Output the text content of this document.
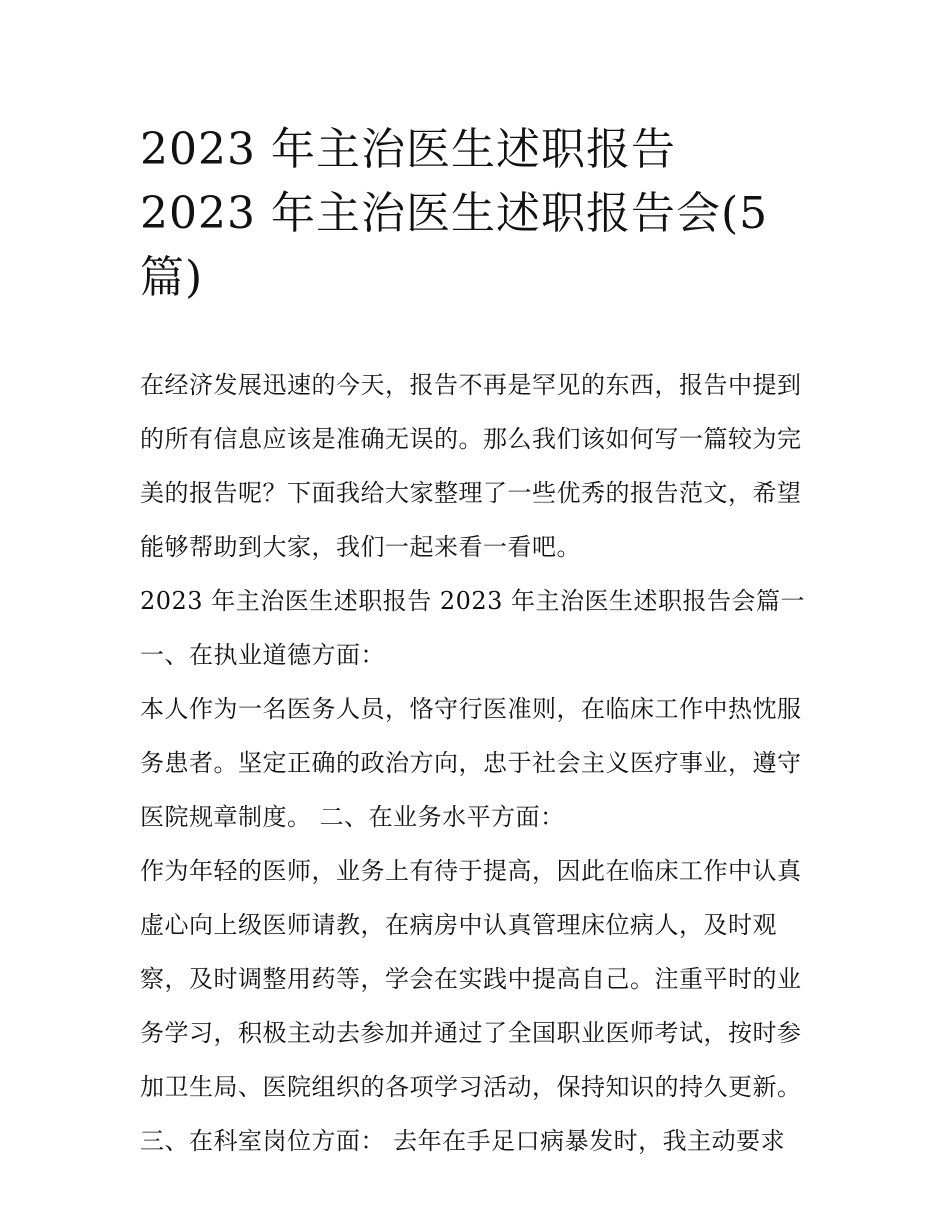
2023 年主治医生述职报告
2023 年主治医生述职报告会(5
篇)
在经济发展迅速的今天，报告不再是罕见的东西，报告中提到
的所有信息应该是准确无误的。那么我们该如何写一篇较为完
美的报告呢？下面我给大家整理了一些优秀的报告范文，希望
能够帮助到大家，我们一起来看一看吧。
2023 年主治医生述职报告 2023 年主治医生述职报告会篇一
一、在执业道德方面：
本人作为一名医务人员，恪守行医准则，在临床工作中热忱服
务患者。坚定正确的政治方向，忠于社会主义医疗事业，遵守
医院规章制度。 二、在业务水平方面：
作为年轻的医师，业务上有待于提高，因此在临床工作中认真
虚心向上级医师请教，在病房中认真管理床位病人，及时观
察，及时调整用药等，学会在实践中提高自己。注重平时的业
务学习，积极主动去参加并通过了全国职业医师考试，按时参
加卫生局、医院组织的各项学习活动，保持知识的持久更新。
三、在科室岗位方面： 去年在手足口病暴发时，我主动要求
